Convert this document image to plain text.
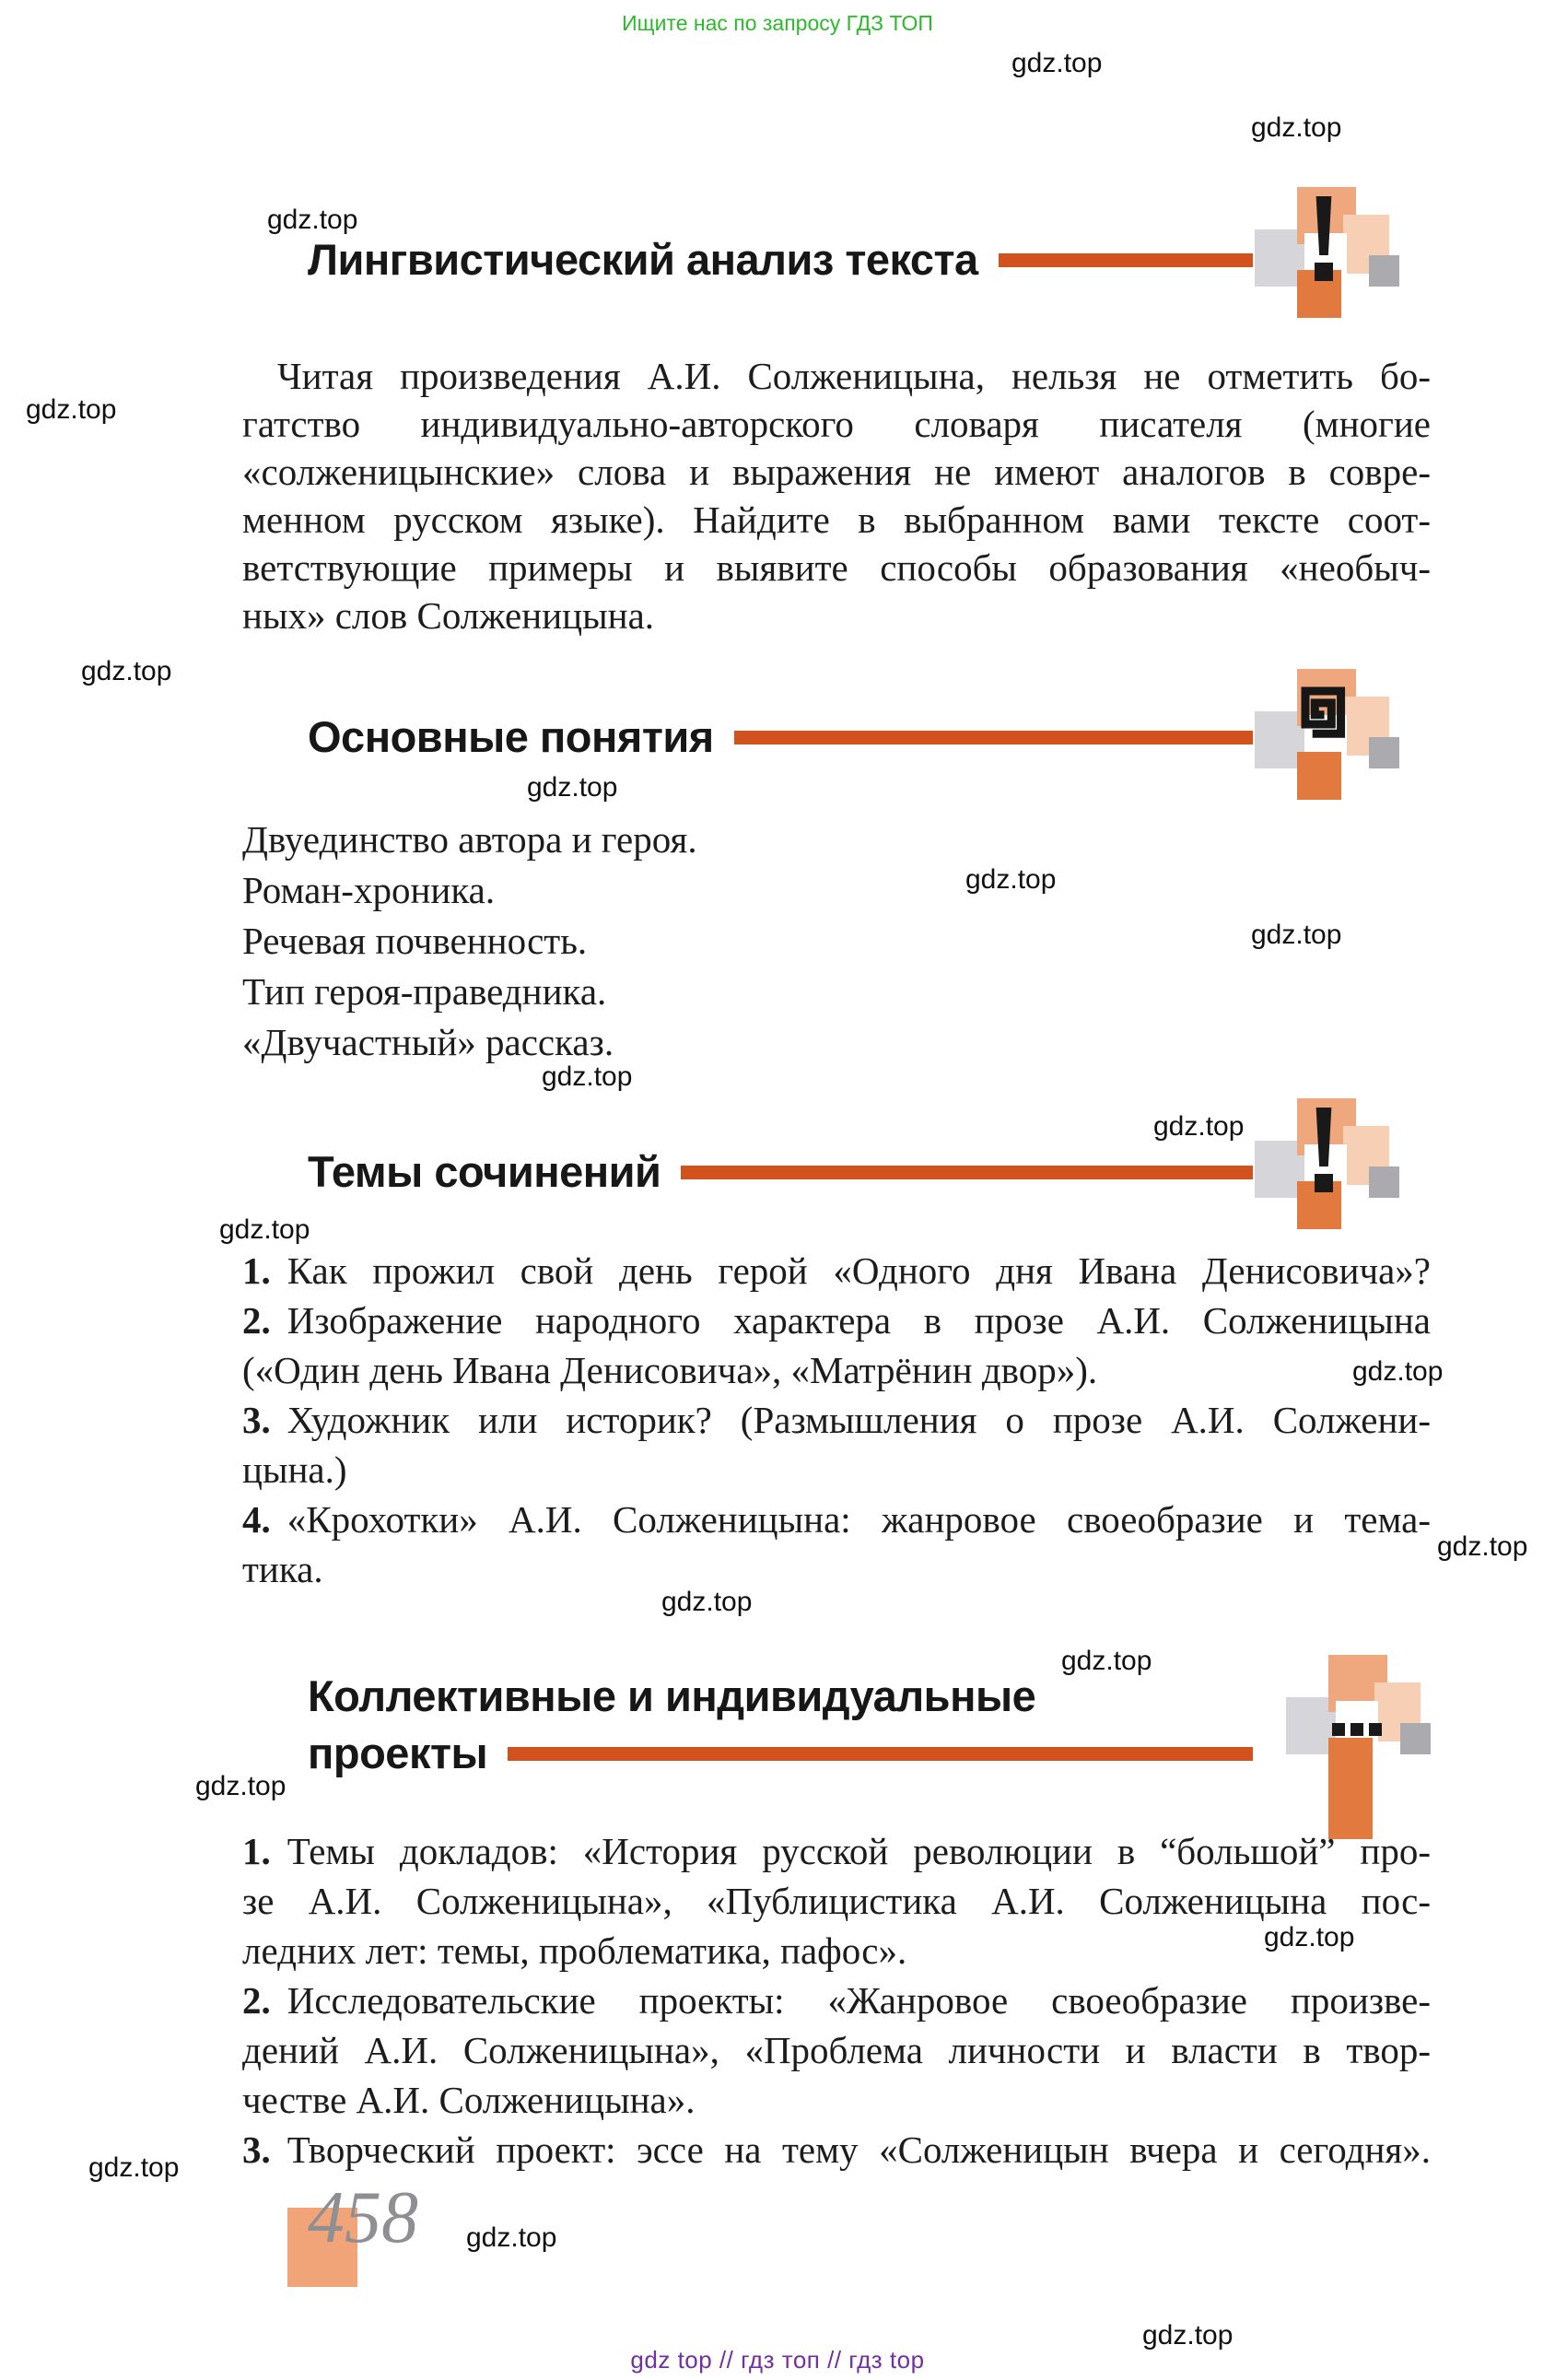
Ищите нас по запросу ГДЗ ТОП
gdz.top
gdz.top
gdz.top
gdz.top
gdz.top
gdz.top
gdz.top
gdz.top
gdz.top
gdz.top
gdz.top
gdz.top
gdz.top
gdz.top
gdz.top
gdz.top
gdz.top
gdz.top
gdz.top
gdz.top
Лингвистический анализ текста
Читая произведения А.И. Солженицына, нельзя не отметить бо-
гатство индивидуально-авторского словаря писателя (многие
«солженицынские» слова и выражения не имеют аналогов в совре-
менном русском языке). Найдите в выбранном вами тексте соот-
ветствующие примеры и выявите способы образования «необыч-
ных» слов Солженицына.
Основные понятия
Двуединство автора и героя.
Роман-хроника.
Речевая почвенность.
Тип героя-праведника.
«Двучастный» рассказ.
Темы сочинений
1. Как прожил свой день герой «Одного дня Ивана Денисовича»?
2. Изображение народного характера в прозе А.И. Солженицына
(«Один день Ивана Денисовича», «Матрёнин двор»).
3. Художник или историк? (Размышления о прозе А.И. Солжени-
цына.)
4. «Крохотки» А.И. Солженицына: жанровое своеобразие и тема-
тика.
Коллективные и индивидуальные
проекты
1. Темы докладов: «История русской революции в “большой” про-
зе А.И. Солженицына», «Публицистика А.И. Солженицына пос-
ледних лет: темы, проблематика, пафос».
2. Исследовательские проекты: «Жанровое своеобразие произве-
дений А.И. Солженицына», «Проблема личности и власти в твор-
честве А.И. Солженицына».
3. Творческий проект: эссе на тему «Солженицын вчера и сегодня».
458
gdz top // гдз топ // гдз top
